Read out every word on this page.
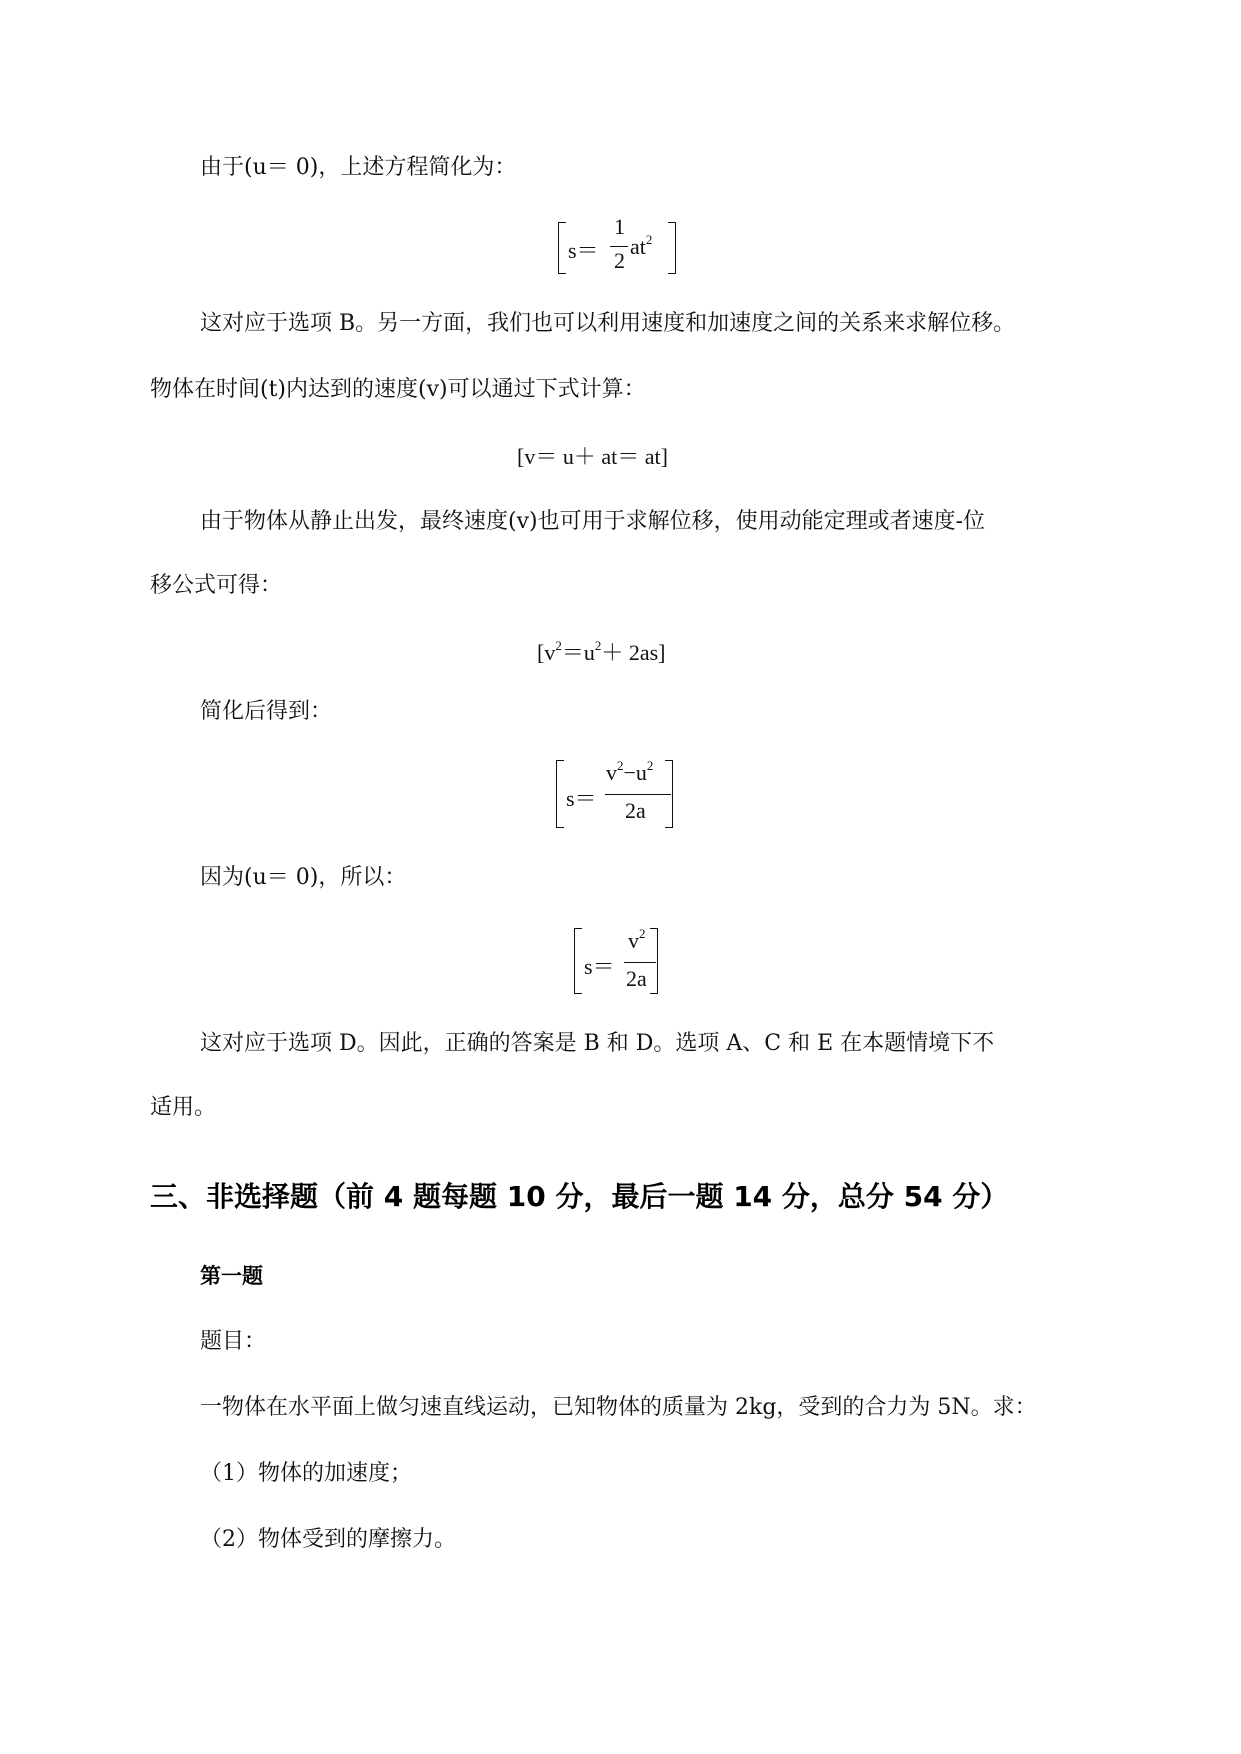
由于(u＝ 0)，上述方程简化为：
s＝
1
2
$at^2$
这对应于选项 B。另一方面，我们也可以利用速度和加速度之间的关系来求解位移。
物体在时间(t)内达到的速度(v)可以通过下式计算：
[v＝ u＋ at＝ at]
由于物体从静止出发，最终速度(v)也可用于求解位移，使用动能定理或者速度-位
移公式可得：
$[v^2=u^2+ 2as]$
简化后得到：
s＝
$v^2-u^2$
2a
因为(u＝ 0)，所以：
s＝
$v^2$
2a
这对应于选项 D。因此，正确的答案是 B 和 D。选项 A、C 和 E 在本题情境下不
适用。
三、非选择题（前 4 题每题 10 分，最后一题 14 分，总分 54 分）
第一题
题目：
一物体在水平面上做匀速直线运动，已知物体的质量为 2kg，受到的合力为 5N。求：
（1）物体的加速度；
（2）物体受到的摩擦力。
